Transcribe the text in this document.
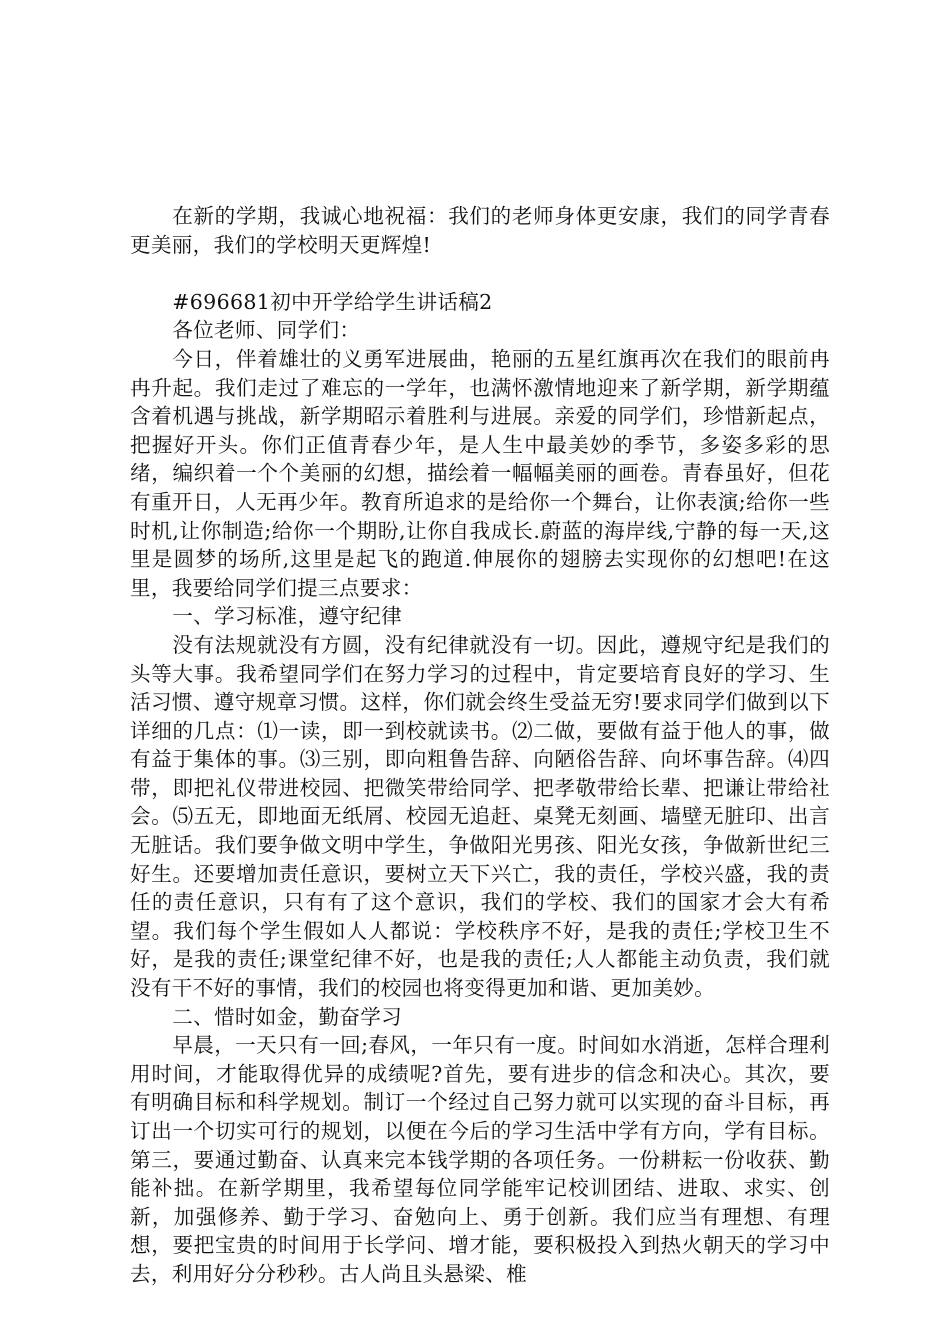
在新的学期，我诚心地祝福：我们的老师身体更安康，我们的同学青春更美丽，我们的学校明天更辉煌!

#696681初中开学给学生讲话稿2

各位老师、同学们：

今日，伴着雄壮的义勇军进展曲，艳丽的五星红旗再次在我们的眼前冉冉升起。我们走过了难忘的一学年，也满怀激情地迎来了新学期，新学期蕴含着机遇与挑战，新学期昭示着胜利与进展。亲爱的同学们，珍惜新起点，把握好开头。你们正值青春少年，是人生中最美妙的季节，多姿多彩的思绪，编织着一个个美丽的幻想，描绘着一幅幅美丽的画卷。青春虽好，但花有重开日，人无再少年。教育所追求的是给你一个舞台，让你表演;给你一些时机,让你制造;给你一个期盼,让你自我成长.蔚蓝的海岸线,宁静的每一天,这里是圆梦的场所,这里是起飞的跑道.伸展你的翅膀去实现你的幻想吧!在这里，我要给同学们提三点要求：

一、学习标准，遵守纪律

没有法规就没有方圆，没有纪律就没有一切。因此，遵规守纪是我们的头等大事。我希望同学们在努力学习的过程中，肯定要培育良好的学习、生活习惯、遵守规章习惯。这样，你们就会终生受益无穷!要求同学们做到以下详细的几点：⑴一读，即一到校就读书。⑵二做，要做有益于他人的事，做有益于集体的事。⑶三别，即向粗鲁告辞、向陋俗告辞、向坏事告辞。⑷四带，即把礼仪带进校园、把微笑带给同学、把孝敬带给长辈、把谦让带给社会。⑸五无，即地面无纸屑、校园无追赶、桌凳无刻画、墙壁无脏印、出言无脏话。我们要争做文明中学生，争做阳光男孩、阳光女孩，争做新世纪三好生。还要增加责任意识，要树立天下兴亡，我的责任，学校兴盛，我的责任的责任意识，只有有了这个意识，我们的学校、我们的国家才会大有希望。我们每个学生假如人人都说：学校秩序不好，是我的责任;学校卫生不好，是我的责任;课堂纪律不好，也是我的责任;人人都能主动负责，我们就没有干不好的事情，我们的校园也将变得更加和谐、更加美妙。

二、惜时如金，勤奋学习

早晨，一天只有一回;春风，一年只有一度。时间如水消逝，怎样合理利用时间，才能取得优异的成绩呢?首先，要有进步的信念和决心。其次，要有明确目标和科学规划。制订一个经过自己努力就可以实现的奋斗目标，再订出一个切实可行的规划，以便在今后的学习生活中学有方向，学有目标。第三，要通过勤奋、认真来完本钱学期的各项任务。一份耕耘一份收获、勤能补拙。在新学期里，我希望每位同学能牢记校训团结、进取、求实、创新，加强修养、勤于学习、奋勉向上、勇于创新。我们应当有理想、有理想，要把宝贵的时间用于长学问、增才能，要积极投入到热火朝天的学习中去，利用好分分秒秒。古人尚且头悬梁、椎
